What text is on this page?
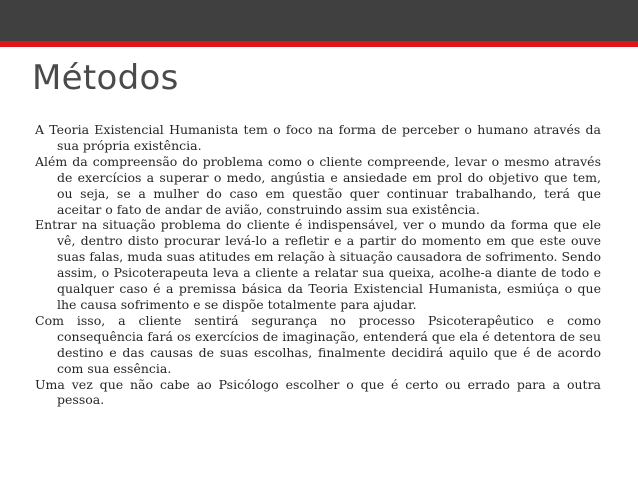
Métodos

A Teoria Existencial Humanista tem o foco na forma de perceber o humano através da sua própria existência.

Além da compreensão do problema como o cliente compreende, levar o mesmo através de exercícios a superar o medo, angústia e ansiedade em prol do objetivo que tem, ou seja, se a mulher do caso em questão quer continuar trabalhando, terá que aceitar o fato de andar de avião, construindo assim sua existência.

Entrar na situação problema do cliente é indispensável, ver o mundo da forma que ele vê, dentro disto procurar levá-lo a refletir e a partir do momento em que este ouve suas falas, muda suas atitudes em relação à situação causadora de sofrimento. Sendo assim, o Psicoterapeuta leva a cliente a relatar sua queixa, acolhe-a diante de todo e qualquer caso é a premissa básica da Teoria Existencial Humanista, esmiúça o que lhe causa sofrimento e se dispõe totalmente para ajudar.

Com isso, a cliente sentirá segurança no processo Psicoterapêutico e como consequência fará os exercícios de imaginação, entenderá que ela é detentora de seu destino e das causas de suas escolhas, finalmente decidirá aquilo que é de acordo com sua essência.

Uma vez que não cabe ao Psicólogo escolher o que é certo ou errado para a outra pessoa.
